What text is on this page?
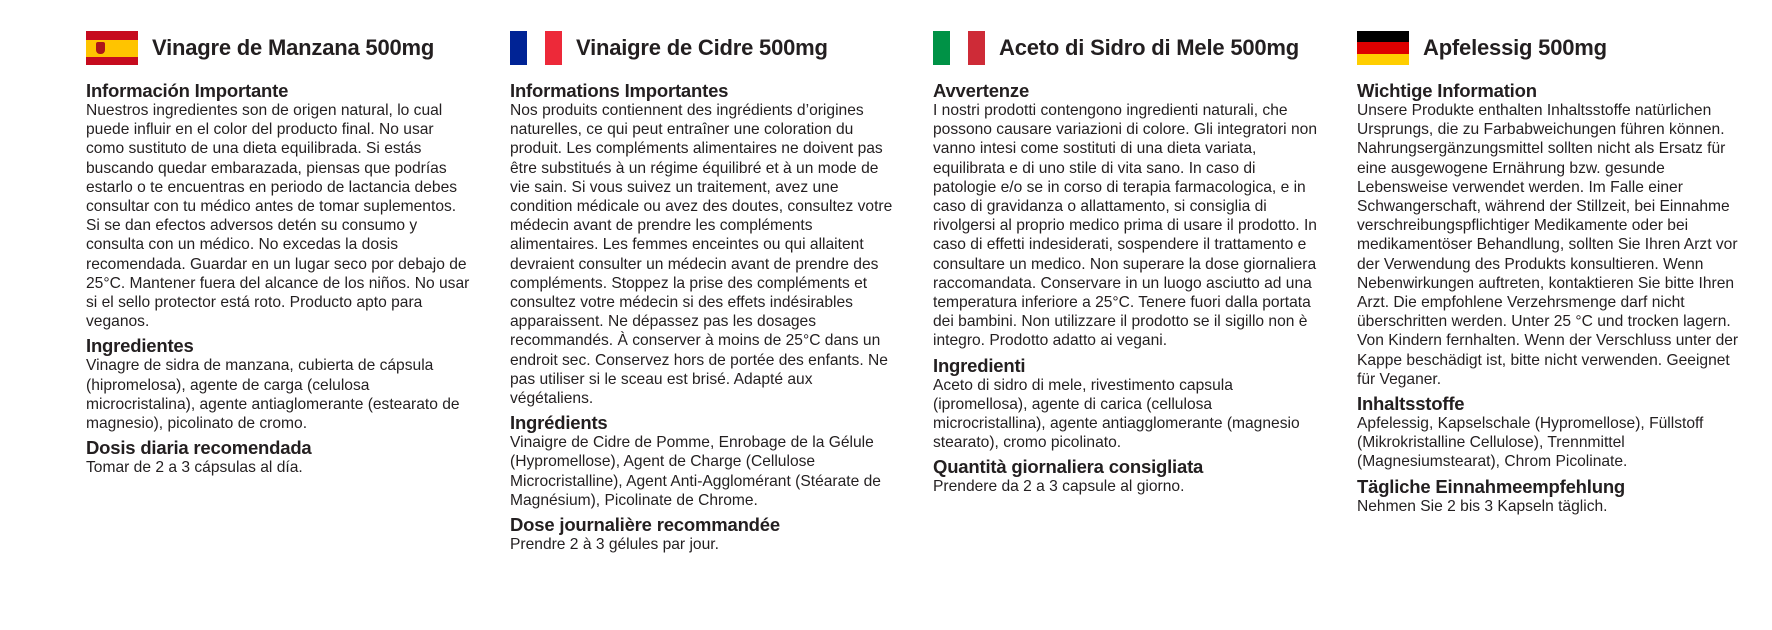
Vinagre de Manzana 500mg
Información Importante

Nuestros ingredientes son de origen natural, lo cual puede influir en el color del producto final. No usar como sustituto de una dieta equilibrada. Si estás buscando quedar embarazada, piensas que podrías estarlo o te encuentras en periodo de lactancia debes consultar con tu médico antes de tomar suplementos. Si se dan efectos adversos detén su consumo y consulta con un médico. No excedas la dosis recomendada. Guardar en un lugar seco por debajo de 25°C. Mantener fuera del alcance de los niños. No usar si el sello protector está roto. Producto apto para veganos.

Ingredientes

Vinagre de sidra de manzana, cubierta de cápsula (hipromelosa), agente de carga (celulosa microcristalina), agente antiaglomerante (estearato de magnesio), picolinato de cromo.

Dosis diaria recomendada

Tomar de 2 a 3 cápsulas al día.

Vinaigre de Cidre 500mg
Informations Importantes

Nos produits contiennent des ingrédients d’origines naturelles, ce qui peut entraîner une coloration du produit. Les compléments alimentaires ne doivent pas être substitués à un régime équilibré et à un mode de vie sain. Si vous suivez un traitement, avez une condition médicale ou avez des doutes, consultez votre médecin avant de prendre les compléments alimentaires. Les femmes enceintes ou qui allaitent devraient consulter un médecin avant de prendre des compléments. Stoppez la prise des compléments et consultez votre médecin si des effets indésirables apparaissent. Ne dépassez pas les dosages recommandés. À conserver à moins de 25°C dans un endroit sec. Conservez hors de portée des enfants. Ne pas utiliser si le sceau est brisé. Adapté aux végétaliens.

Ingrédients

Vinaigre de Cidre de Pomme, Enrobage de la Gélule (Hypromellose), Agent de Charge (Cellulose Microcristalline), Agent Anti-Agglomérant (Stéarate de Magnésium), Picolinate de Chrome.

Dose journalière recommandée

Prendre 2 à 3 gélules par jour.

Aceto di Sidro di Mele 500mg
Avvertenze

I nostri prodotti contengono ingredienti naturali, che possono causare variazioni di colore. Gli integratori non vanno intesi come sostituti di una dieta variata, equilibrata e di uno stile di vita sano. In caso di patologie e/o se in corso di terapia farmacologica, e in caso di gravidanza o allattamento, si consiglia di rivolgersi al proprio medico prima di usare il prodotto. In caso di effetti indesiderati, sospendere il trattamento e consultare un medico. Non superare la dose giornaliera raccomandata. Conservare in un luogo asciutto ad una temperatura inferiore a 25°C. Tenere fuori dalla portata dei bambini. Non utilizzare il prodotto se il sigillo non è integro. Prodotto adatto ai vegani.

Ingredienti

Aceto di sidro di mele, rivestimento capsula (ipromellosa), agente di carica (cellulosa microcristallina), agente antiagglomerante (magnesio stearato), cromo picolinato.

Quantità giornaliera consigliata

Prendere da 2 a 3 capsule al giorno.

Apfelessig 500mg
Wichtige Information

Unsere Produkte enthalten Inhaltsstoffe natürlichen Ursprungs, die zu Farbabweichungen führen können. Nahrungsergänzungsmittel sollten nicht als Ersatz für eine ausgewogene Ernährung bzw. gesunde Lebensweise verwendet werden. Im Falle einer Schwangerschaft, während der Stillzeit, bei Einnahme verschreibungspflichtiger Medikamente oder bei medikamentöser Behandlung, sollten Sie Ihren Arzt vor der Verwendung des Produkts konsultieren. Wenn Nebenwirkungen auftreten, kontaktieren Sie bitte Ihren Arzt. Die empfohlene Verzehrsmenge darf nicht überschritten werden. Unter 25 °C und trocken lagern. Von Kindern fernhalten. Wenn der Verschluss unter der Kappe beschädigt ist, bitte nicht verwenden. Geeignet für Veganer.

Inhaltsstoffe

Apfelessig, Kapselschale (Hypromellose), Füllstoff (Mikrokristalline Cellulose), Trennmittel (Magnesiumstearat), Chrom Picolinate.

Tägliche Einnahmeempfehlung

Nehmen Sie 2 bis 3 Kapseln täglich.
